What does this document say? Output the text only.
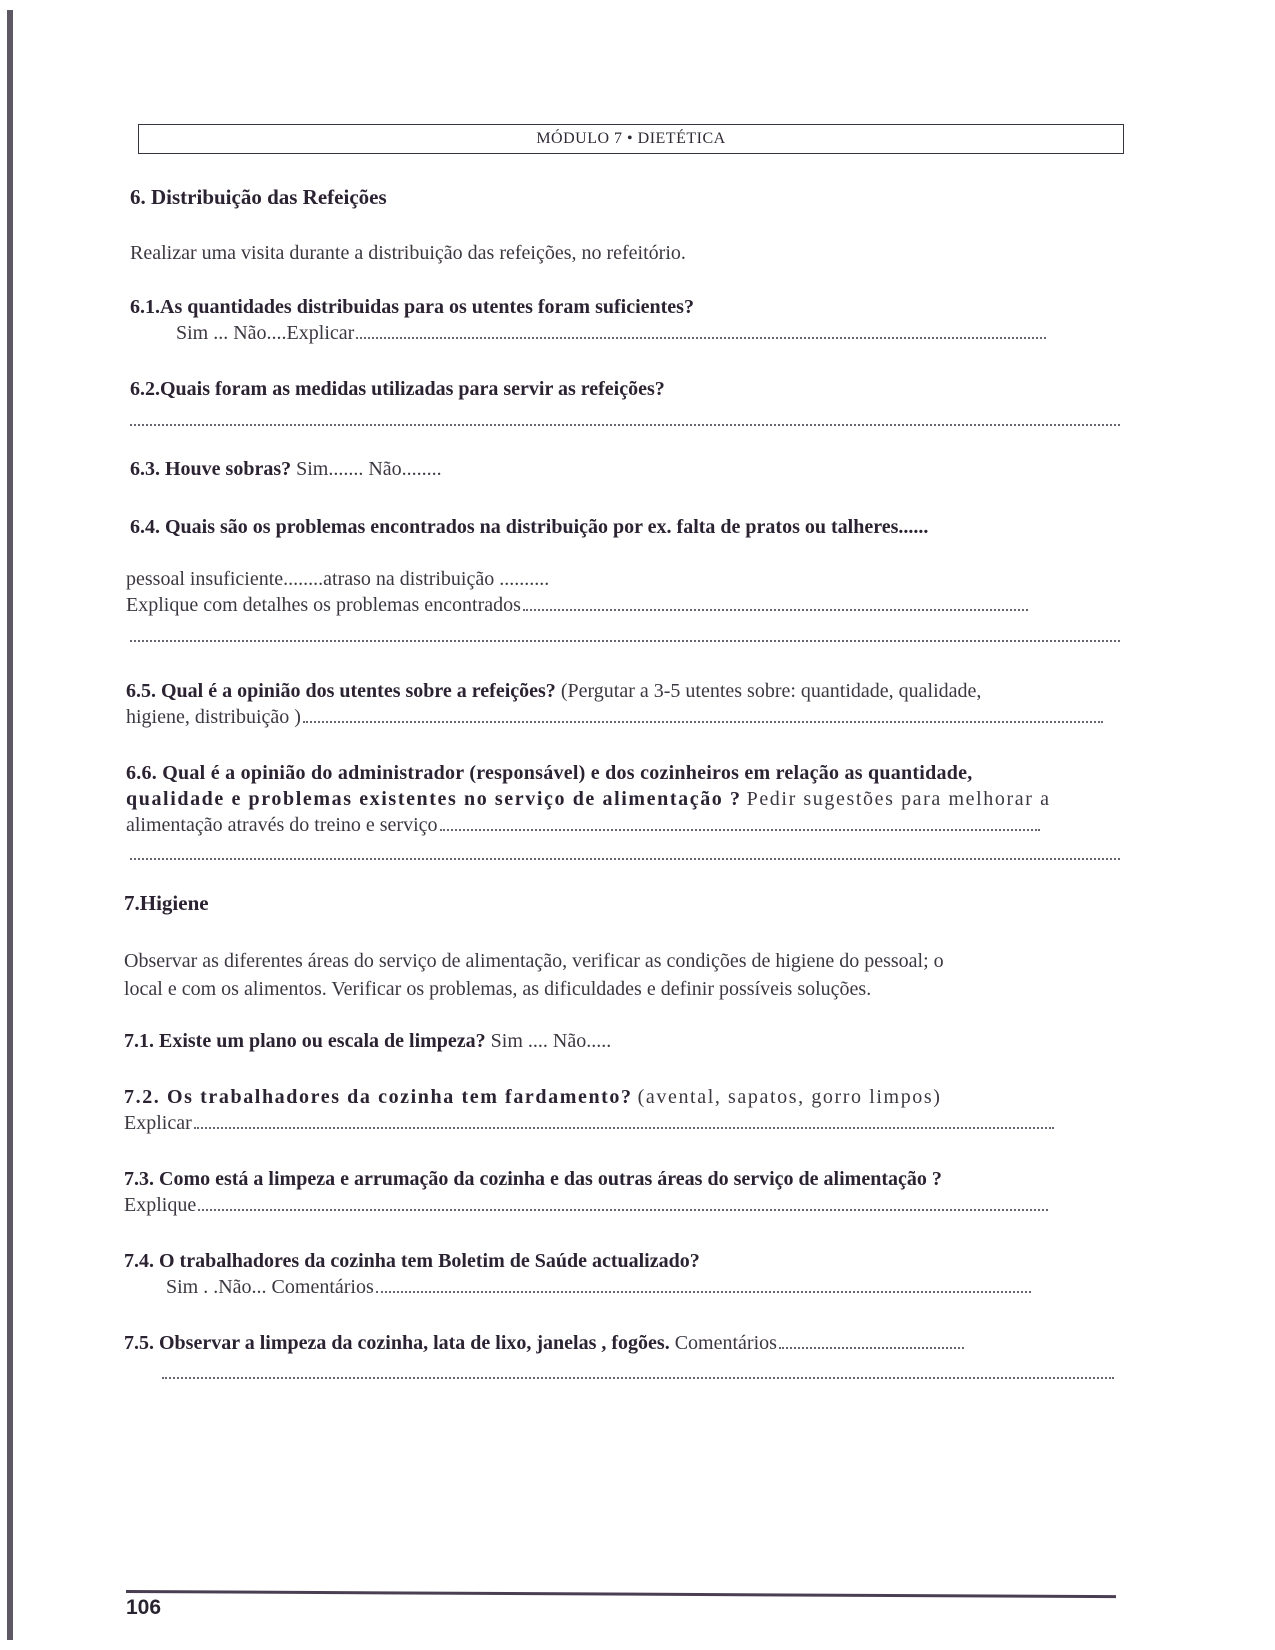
MÓDULO 7 • DIETÉTICA
6. Distribuição das Refeições
Realizar uma visita durante a distribuição das refeições, no refeitório.
6.1.As quantidades distribuidas para os utentes foram suficientes?
Sim ... Não....Explicar
6.2.Quais foram as medidas utilizadas para servir as refeições?
6.3. Houve sobras? Sim....... Não........
6.4. Quais são os problemas encontrados na distribuição por ex. falta de pratos ou talheres......
pessoal insuficiente........atraso na distribuição ..........
Explique com detalhes os problemas encontrados
6.5. Qual é a opinião dos utentes sobre a refeições? (Pergutar a 3-5 utentes sobre: quantidade, qualidade,
higiene, distribuição )
6.6. Qual é a opinião do administrador (responsável) e dos cozinheiros em relação as quantidade,
qualidade e problemas existentes no serviço de alimentação ? Pedir sugestões para melhorar a
alimentação através do treino e serviço
7.Higiene
Observar as diferentes áreas do serviço de alimentação, verificar as condições de higiene do pessoal; o
local e com os alimentos. Verificar os problemas, as dificuldades e definir possíveis soluções.
7.1. Existe um plano ou escala de limpeza? Sim .... Não.....
7.2. Os trabalhadores da cozinha tem fardamento? (avental, sapatos, gorro limpos)
Explicar
7.3. Como está a limpeza e arrumação da cozinha e das outras áreas do serviço de alimentação ?
Explique
7.4. O trabalhadores da cozinha tem Boletim de Saúde actualizado?
Sim . .Não... Comentários
7.5. Observar a limpeza da cozinha, lata de lixo, janelas , fogões. Comentários
106
